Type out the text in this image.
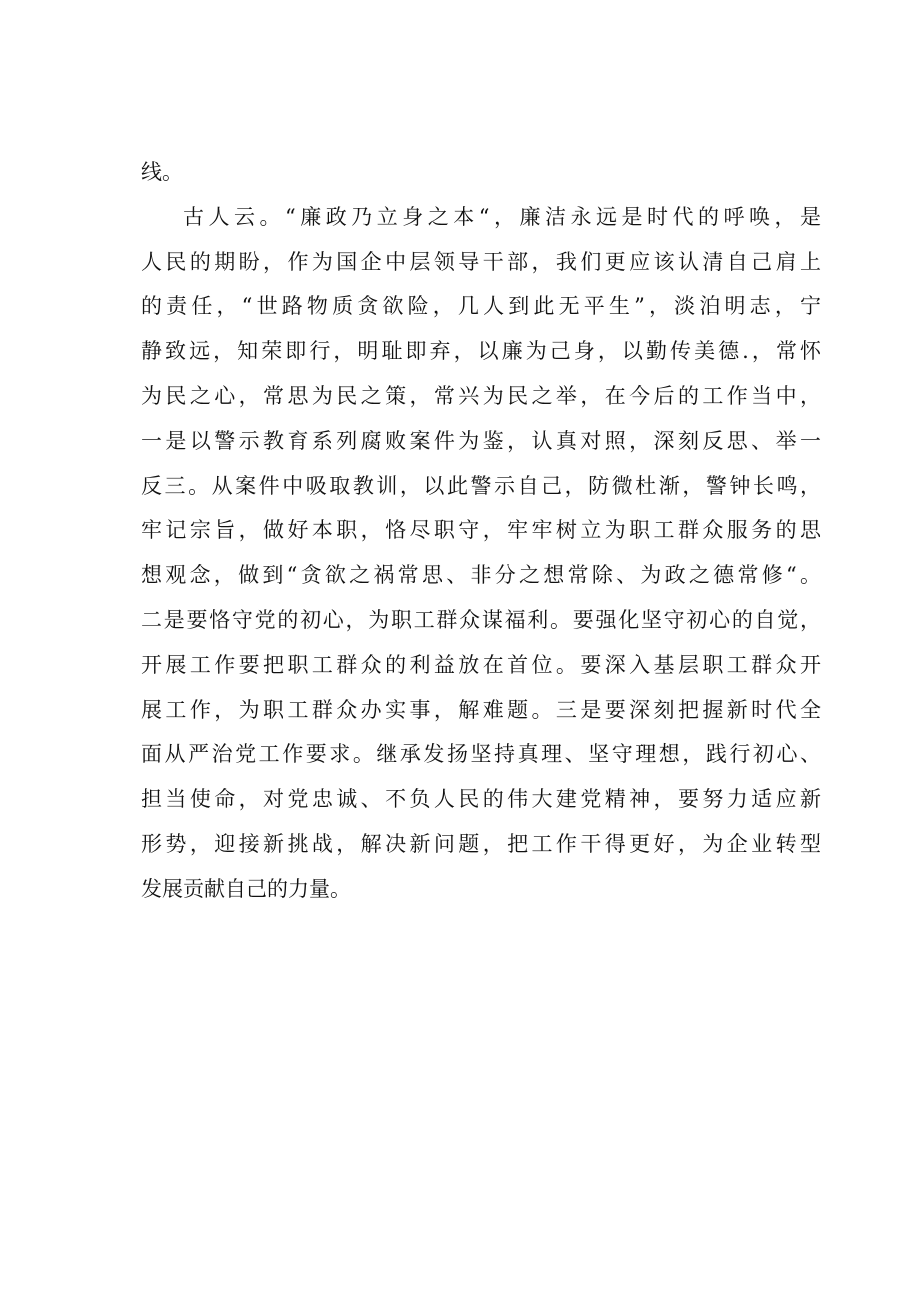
线。
古人云。“廉政乃立身之本“，廉洁永远是时代的呼唤，是
人民的期盼，作为国企中层领导干部，我们更应该认清自己肩上
的责任，“世路物质贪欲险，几人到此无平生”，淡泊明志，宁
静致远，知荣即行，明耻即弃，以廉为己身，以勤传美德.，常怀
为民之心，常思为民之策，常兴为民之举，在今后的工作当中，
一是以警示教育系列腐败案件为鉴，认真对照，深刻反思、举一
反三。从案件中吸取教训，以此警示自己，防微杜渐，警钟长鸣，
牢记宗旨，做好本职，恪尽职守，牢牢树立为职工群众服务的思
想观念，做到“贪欲之祸常思、非分之想常除、为政之德常修“。
二是要恪守党的初心，为职工群众谋福利。要强化坚守初心的自觉，
开展工作要把职工群众的利益放在首位。要深入基层职工群众开
展工作，为职工群众办实事，解难题。三是要深刻把握新时代全
面从严治党工作要求。继承发扬坚持真理、坚守理想，践行初心、
担当使命，对党忠诚、不负人民的伟大建党精神，要努力适应新
形势，迎接新挑战，解决新问题，把工作干得更好，为企业转型
发展贡献自己的力量。
